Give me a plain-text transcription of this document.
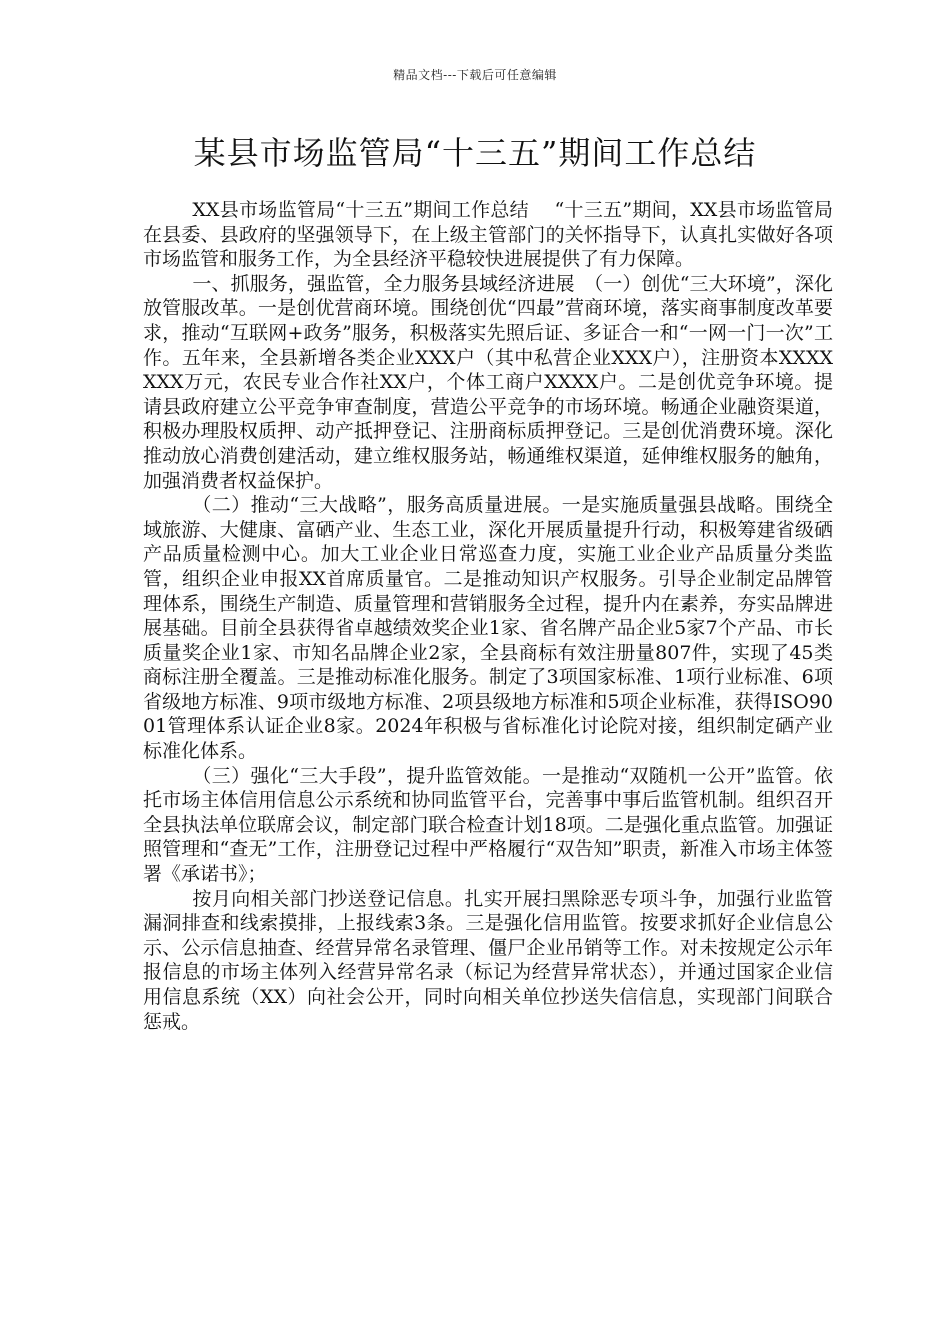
精品文档---下载后可任意编辑
某县市场监管局“十三五”期间工作总结

XX县市场监管局“十三五”期间工作总结　 “十三五”期间，XX县市场监管局在县委、县政府的坚强领导下，在上级主管部门的关怀指导下，认真扎实做好各项市场监管和服务工作，为全县经济平稳较快进展提供了有力保障。

一、抓服务，强监管，全力服务县域经济进展　（一）创优“三大环境”，深化放管服改革。一是创优营商环境。围绕创优“四最”营商环境，落实商事制度改革要求，推动“互联网+政务”服务，积极落实先照后证、多证合一和“一网一门一次”工作。五年来，全县新增各类企业XXX户（其中私营企业XXX户），注册资本XXXXXXX万元，农民专业合作社XX户，个体工商户XXXX户。二是创优竞争环境。提请县政府建立公平竞争审查制度，营造公平竞争的市场环境。畅通企业融资渠道，积极办理股权质押、动产抵押登记、注册商标质押登记。三是创优消费环境。深化推动放心消费创建活动，建立维权服务站，畅通维权渠道，延伸维权服务的触角，加强消费者权益保护。

（二）推动“三大战略”，服务高质量进展。一是实施质量强县战略。围绕全域旅游、大健康、富硒产业、生态工业，深化开展质量提升行动，积极筹建省级硒产品质量检测中心。加大工业企业日常巡查力度，实施工业企业产品质量分类监管，组织企业申报XX首席质量官。二是推动知识产权服务。引导企业制定品牌管理体系，围绕生产制造、质量管理和营销服务全过程，提升内在素养，夯实品牌进展基础。目前全县获得省卓越绩效奖企业1家、省名牌产品企业5家7个产品、市长质量奖企业1家、市知名品牌企业2家，全县商标有效注册量807件，实现了45类商标注册全覆盖。三是推动标准化服务。制定了3项国家标准、1项行业标准、6项省级地方标准、9项市级地方标准、2项县级地方标准和5项企业标准，获得ISO9001管理体系认证企业8家。2024年积极与省标准化讨论院对接，组织制定硒产业标准化体系。

（三）强化“三大手段”，提升监管效能。一是推动“双随机一公开”监管。依托市场主体信用信息公示系统和协同监管平台，完善事中事后监管机制。组织召开全县执法单位联席会议，制定部门联合检查计划18项。二是强化重点监管。加强证照管理和“查无”工作，注册登记过程中严格履行“双告知”职责，新准入市场主体签署《承诺书》；

按月向相关部门抄送登记信息。扎实开展扫黑除恶专项斗争，加强行业监管漏洞排查和线索摸排，上报线索3条。三是强化信用监管。按要求抓好企业信息公示、公示信息抽查、经营异常名录管理、僵尸企业吊销等工作。对未按规定公示年报信息的市场主体列入经营异常名录（标记为经营异常状态），并通过国家企业信用信息系统（XX）向社会公开，同时向相关单位抄送失信信息，实现部门间联合惩戒。
